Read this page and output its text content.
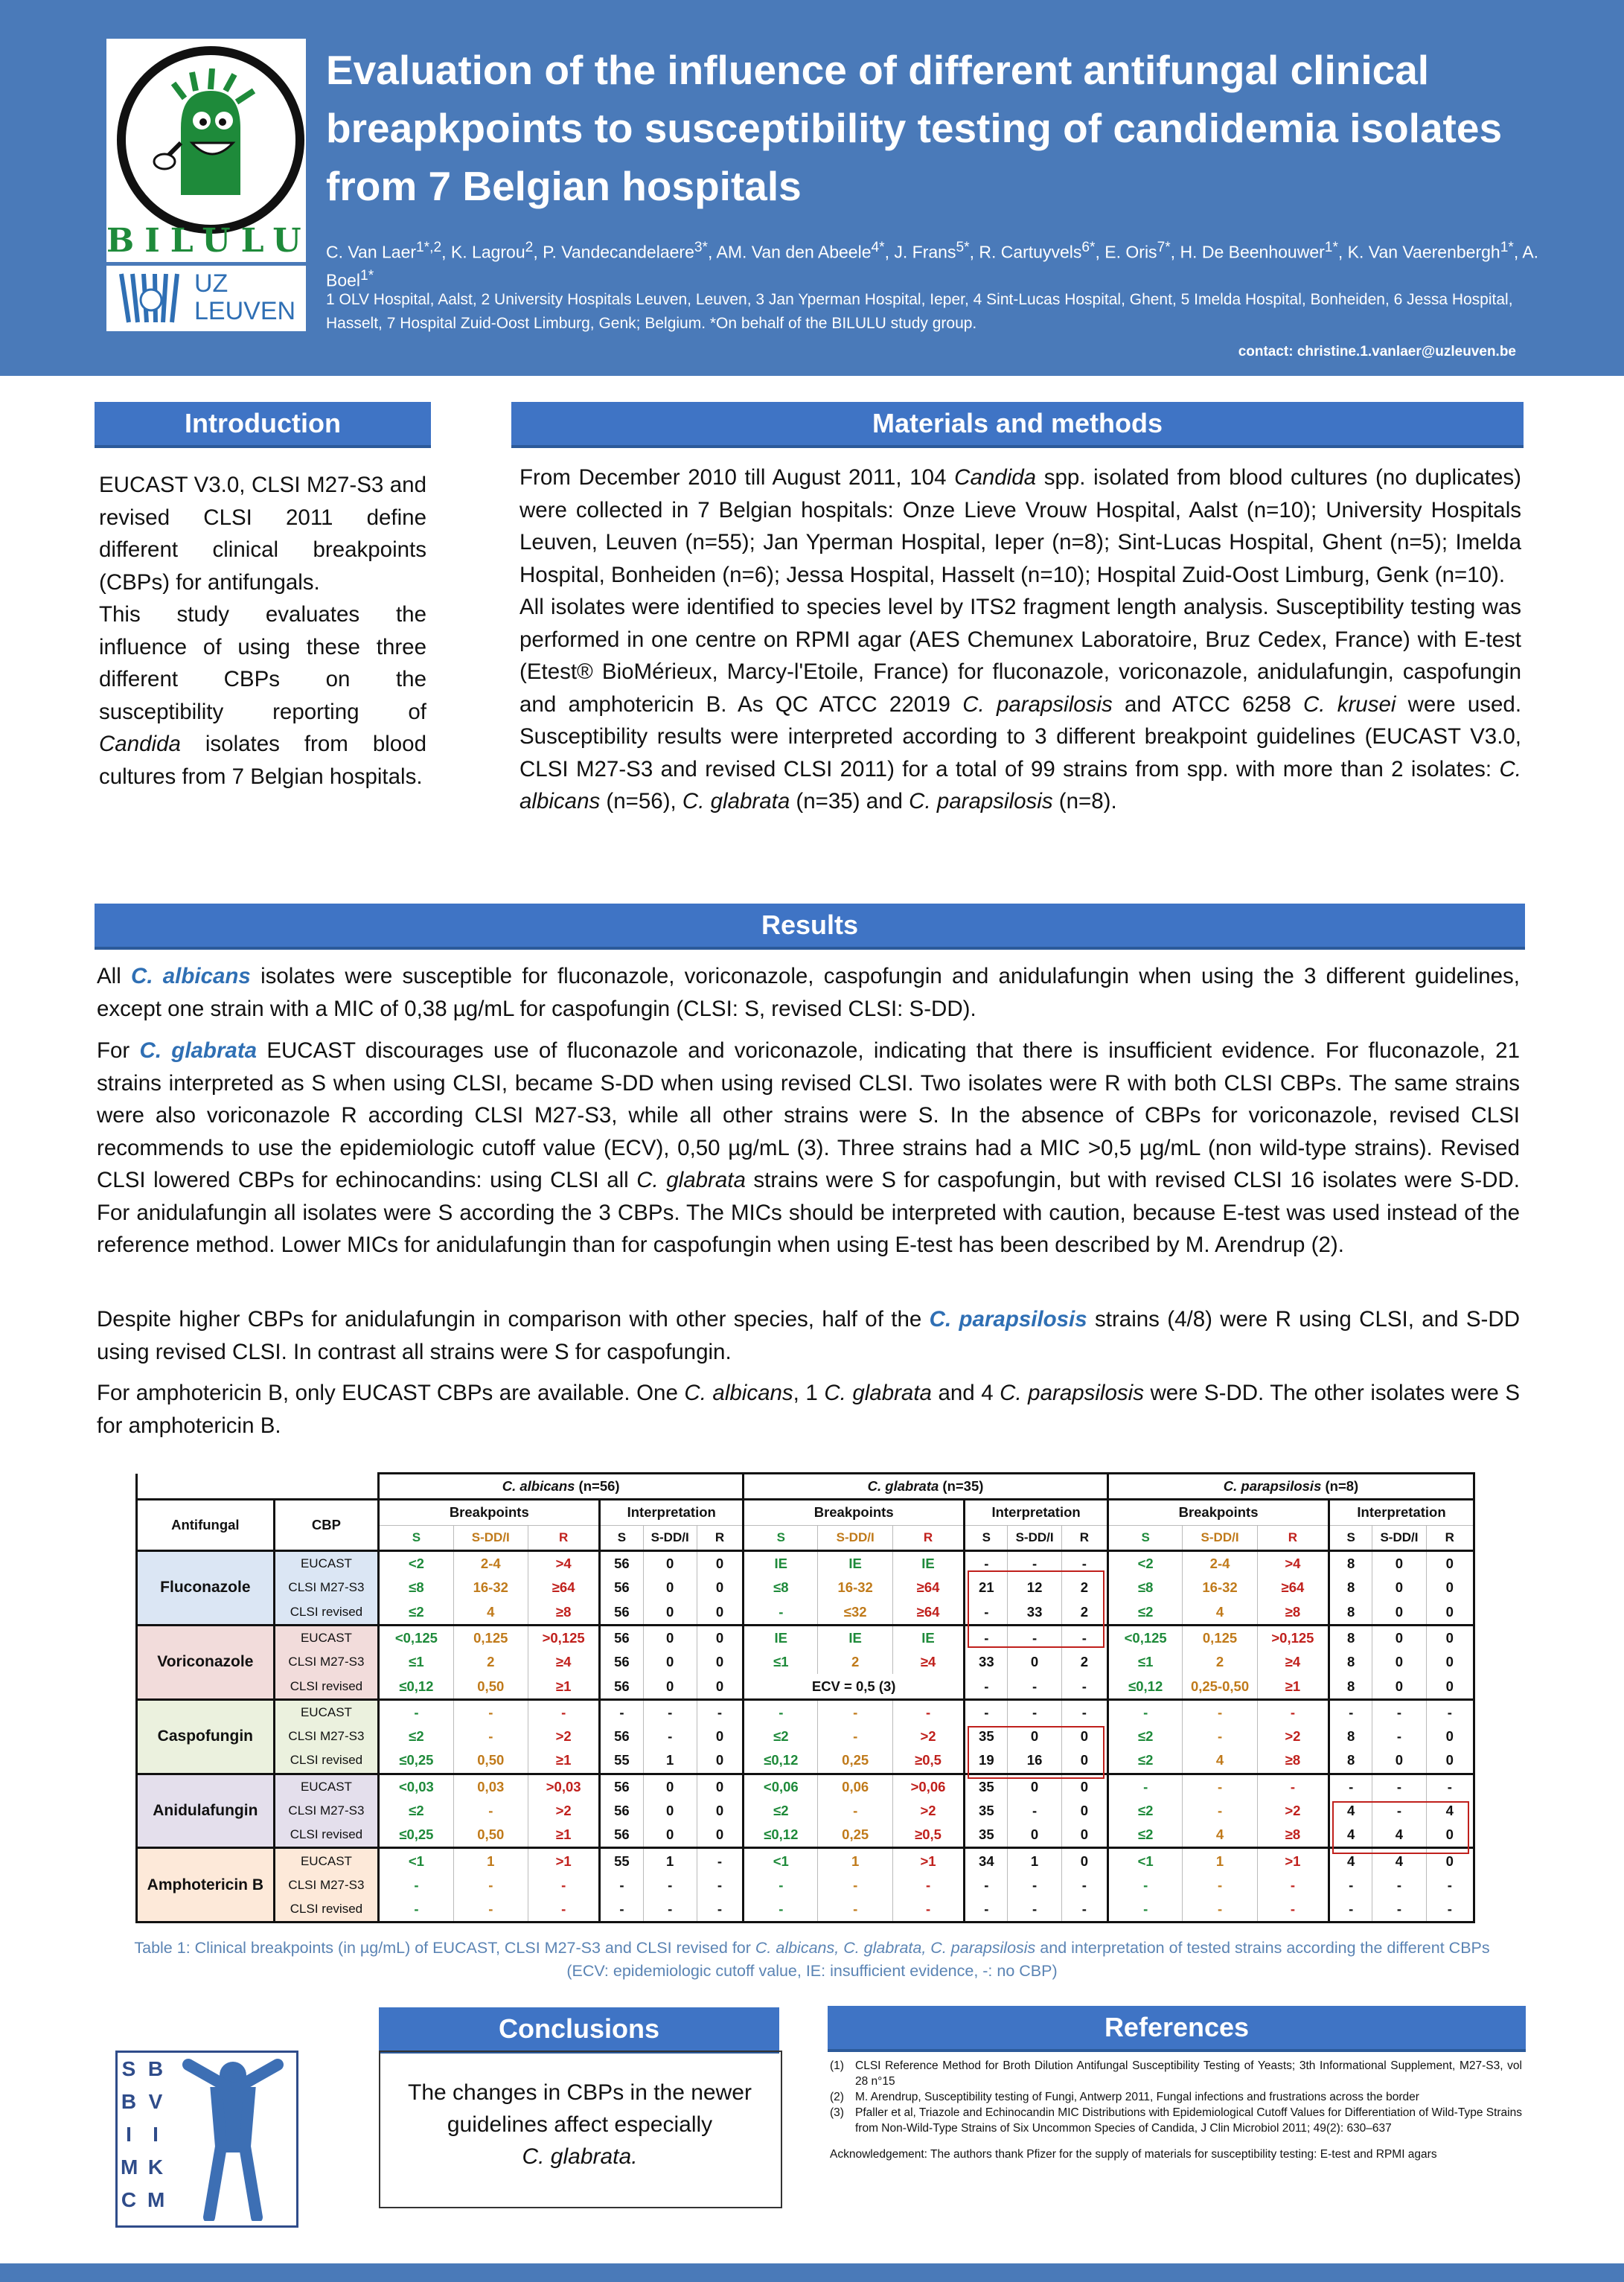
BILULU
UZ
LEUVEN
Evaluation of the influence of different antifungal clinical breapkpoints to susceptibility testing of candidemia isolates from 7 Belgian hospitals
C. Van Laer$^{1*,2}$, K. Lagrou$^2$, P. Vandecandelaere$^{3*}$, AM. Van den Abeele$^{4*}$, J. Frans$^{5*}$, R. Cartuyvels$^{6*}$, E. Oris$^{7*}$, H. De Beenhouwer$^{1*}$, K. Van Vaerenbergh$^{1*}$, A. Boel$^{1*}$
1 OLV Hospital, Aalst, 2 University Hospitals Leuven, Leuven, 3 Jan Yperman Hospital, Ieper, 4 Sint-Lucas Hospital, Ghent, 5 Imelda Hospital, Bonheiden, 6 Jessa Hospital, Hasselt, 7 Hospital Zuid-Oost Limburg, Genk; Belgium. *On behalf of the BILULU study group.
contact: christine.1.vanlaer@uzleuven.be
Introduction
EUCAST V3.0, CLSI M27-S3 and revised CLSI 2011 define different clinical breakpoints (CBPs) for antifungals.
This study evaluates the influence of using these three different CBPs on the susceptibility reporting of Candida isolates from blood cultures from 7 Belgian hospitals.
Materials and methods
From December 2010 till August 2011, 104 Candida spp. isolated from blood cultures (no duplicates) were collected in 7 Belgian hospitals: Onze Lieve Vrouw Hospital, Aalst (n=10); University Hospitals Leuven, Leuven (n=55); Jan Yperman Hospital, Ieper (n=8); Sint-Lucas Hospital, Ghent (n=5); Imelda Hospital, Bonheiden (n=6); Jessa Hospital, Hasselt (n=10); Hospital Zuid-Oost Limburg, Genk (n=10).
All isolates were identified to species level by ITS2 fragment length analysis. Susceptibility testing was performed in one centre on RPMI agar (AES Chemunex Laboratoire, Bruz Cedex, France) with E-test (Etest® BioMérieux, Marcy-l'Etoile, France) for fluconazole, voriconazole, anidulafungin, caspofungin and amphotericin B. As QC ATCC 22019 C. parapsilosis and ATCC 6258 C. krusei were used. Susceptibility results were interpreted according to 3 different breakpoint guidelines (EUCAST V3.0, CLSI M27-S3 and revised CLSI 2011) for a total of 99 strains from spp. with more than 2 isolates: C. albicans (n=56), C. glabrata (n=35) and C. parapsilosis (n=8).
Results

All C. albicans isolates were susceptible for fluconazole, voriconazole, caspofungin and anidulafungin when using the 3 different guidelines, except one strain with a MIC of 0,38 µg/mL for caspofungin (CLSI: S, revised CLSI: S-DD).

For C. glabrata EUCAST discourages use of fluconazole and voriconazole, indicating that there is insufficient evidence. For fluconazole, 21 strains interpreted as S when using CLSI, became S-DD when using revised CLSI. Two isolates were R with both CLSI CBPs. The same strains were also voriconazole R according CLSI M27-S3, while all other strains were S. In the absence of CBPs for voriconazole, revised CLSI recommends to use the epidemiologic cutoff value (ECV), 0,50 µg/mL (3). Three strains had a MIC >0,5 µg/mL (non wild-type strains). Revised CLSI lowered CBPs for echinocandins: using CLSI all C. glabrata strains were S for caspofungin, but with revised CLSI 16 isolates were S-DD. For anidulafungin all isolates were S according the 3 CBPs. The MICs should be interpreted with caution, because E-test was used instead of the reference method. Lower MICs for anidulafungin than for caspofungin when using E-test has been described by M. Arendrup (2).

Despite higher CBPs for anidulafungin in comparison with other species, half of the C. parapsilosis strains (4/8) were R using CLSI, and S-DD using revised CLSI. In contrast all strains were S for caspofungin.

For amphotericin B, only EUCAST CBPs are available. One C. albicans, 1 C. glabrata and 4 C. parapsilosis were S-DD. The other isolates were S for amphotericin B.

		C. albicans (n=56)						C. glabrata (n=35)						C. parapsilosis (n=8)					
Antifungal	CBP	Breakpoints			Interpretation			Breakpoints			Interpretation			Breakpoints			Interpretation		
		S	S-DD/I	R	S	S-DD/I	R	S	S-DD/I	R	S	S-DD/I	R	S	S-DD/I	R	S	S-DD/I	R
Fluconazole	EUCAST	<2	2-4	>4	56	0	0	IE	IE	IE	-	-	-	<2	2-4	>4	8	0	0
	CLSI M27-S3	≤8	16-32	≥64	56	0	0	≤8	16-32	≥64	21	12	2	≤8	16-32	≥64	8	0	0
	CLSI revised	≤2	4	≥8	56	0	0	-	≤32	≥64	-	33	2	≤2	4	≥8	8	0	0
Voriconazole	EUCAST	<0,125	0,125	>0,125	56	0	0	IE	IE	IE	-	-	-	<0,125	0,125	>0,125	8	0	0
	CLSI M27-S3	≤1	2	≥4	56	0	0	≤1	2	≥4	33	0	2	≤1	2	≥4	8	0	0
	CLSI revised	≤0,12	0,50	≥1	56	0	0	ECV = 0,5 (3)			-	-	-	≤0,12	0,25-0,50	≥1	8	0	0
Caspofungin	EUCAST	-	-	-	-	-	-	-	-	-	-	-	-	-	-	-	-	-	-
	CLSI M27-S3	≤2	-	>2	56	-	0	≤2	-	>2	35	0	0	≤2	-	>2	8	-	0
	CLSI revised	≤0,25	0,50	≥1	55	1	0	≤0,12	0,25	≥0,5	19	16	0	≤2	4	≥8	8	0	0
Anidulafungin	EUCAST	<0,03	0,03	>0,03	56	0	0	<0,06	0,06	>0,06	35	0	0	-	-	-	-	-	-
	CLSI M27-S3	≤2	-	>2	56	0	0	≤2	-	>2	35	-	0	≤2	-	>2	4	-	4
	CLSI revised	≤0,25	0,50	≥1	56	0	0	≤0,12	0,25	≥0,5	35	0	0	≤2	4	≥8	4	4	0
Amphotericin B	EUCAST	<1	1	>1	55	1	-	<1	1	>1	34	1	0	<1	1	>1	4	4	0
	CLSI M27-S3	-	-	-	-	-	-	-	-	-	-	-	-	-	-	-	-	-	-
	CLSI revised	-	-	-	-	-	-	-	-	-	-	-	-	-	-	-	-	-	-
Table 1: Clinical breakpoints (in µg/mL) of EUCAST, CLSI M27-S3 and CLSI revised for C. albicans, C. glabrata, C. parapsilosis and interpretation of tested strains according the different CBPs (ECV: epidemiologic cutoff value, IE: insufficient evidence, -: no CBP)
S
B
I
M
C
B
V
I
K
M
Conclusions
The changes in CBPs in the newer guidelines affect especially
C. glabrata.
References
(1) CLSI Reference Method for Broth Dilution Antifungal Susceptibility Testing of Yeasts; 3th Informational Supplement, M27-S3, vol 28 n°15
(2) M. Arendrup, Susceptibility testing of Fungi, Antwerp 2011, Fungal infections and frustrations across the border
(3) Pfaller et al, Triazole and Echinocandin MIC Distributions with Epidemiological Cutoff Values for Differentiation of Wild-Type Strains from Non-Wild-Type Strains of Six Uncommon Species of Candida, J Clin Microbiol 2011; 49(2): 630–637
Acknowledgement: The authors thank Pfizer for the supply of materials for susceptibility testing: E-test and RPMI agars
